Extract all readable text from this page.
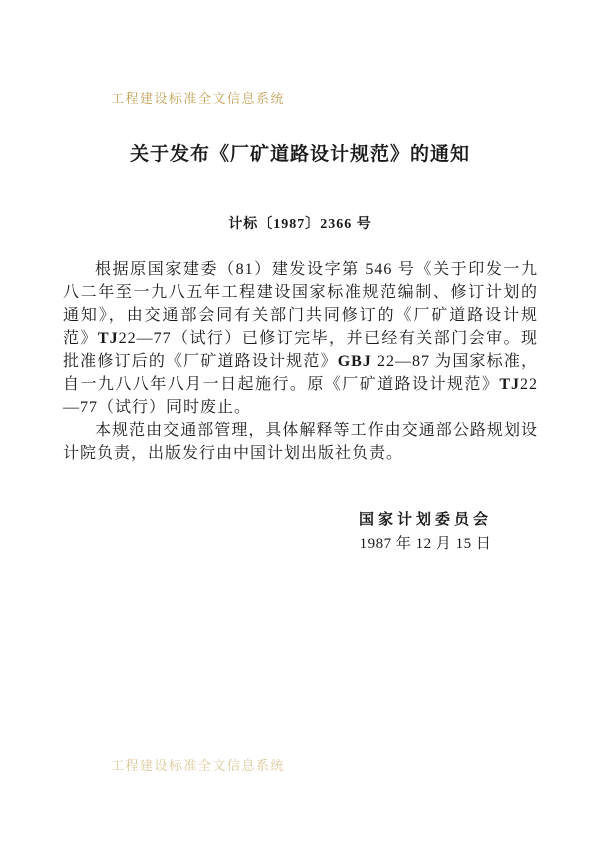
工程建设标准全文信息系统
关于发布《厂矿道路设计规范》的通知
计标〔1987〕2366 号

根据原国家建委（81）建发设字第 546 号《关于印发一九八二年至一九八五年工程建设国家标准规范编制、修订计划的通知》，由交通部会同有关部门共同修订的《厂矿道路设计规范》TJ22—77（试行）已修订完毕，并已经有关部门会审。现批准修订后的《厂矿道路设计规范》GBJ 22—87 为国家标准，自一九八八年八月一日起施行。原《厂矿道路设计规范》TJ22—77（试行）同时废止。

本规范由交通部管理，具体解释等工作由交通部公路规划设计院负责，出版发行由中国计划出版社负责。

国家计划委员会
1987 年 12 月 15 日
工程建设标准全文信息系统
